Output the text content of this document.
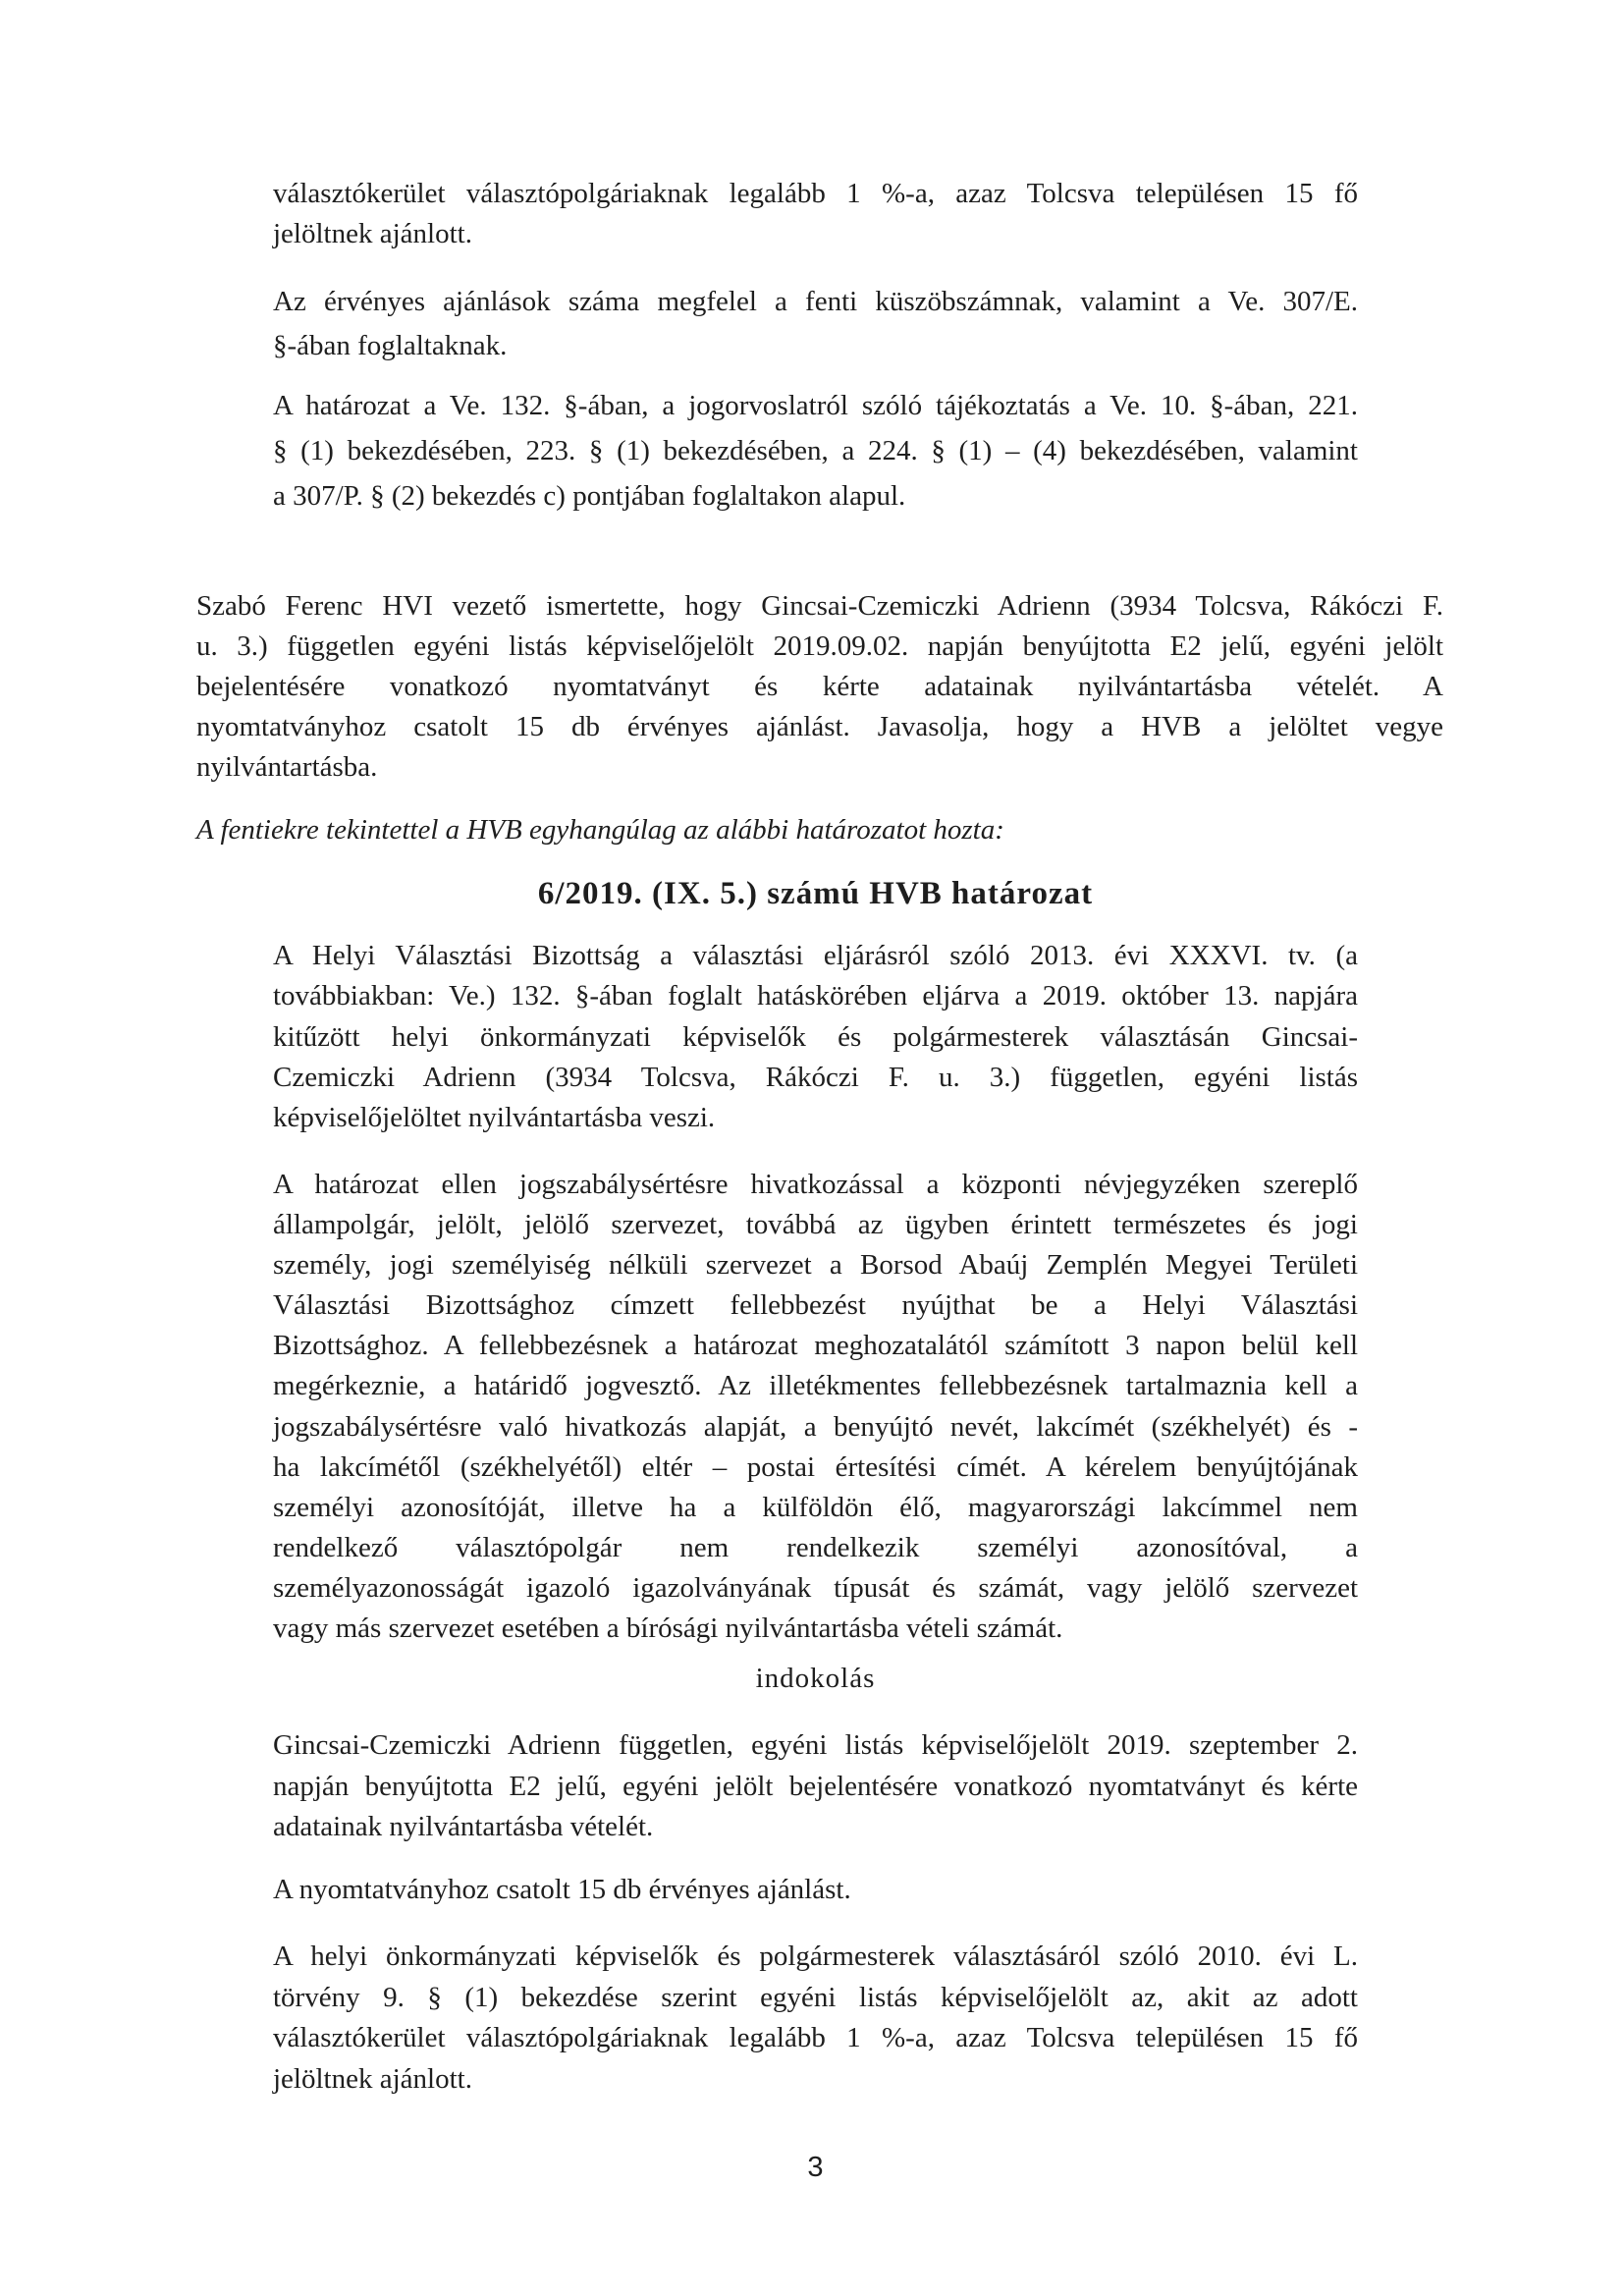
választókerület választópolgáriaknak legalább 1 %-a, azaz Tolcsva településen 15 fő
jelöltnek ajánlott.
Az érvényes ajánlások száma megfelel a fenti küszöbszámnak, valamint a Ve. 307/E.
§-ában foglaltaknak.
A határozat a Ve. 132. §-ában, a jogorvoslatról szóló tájékoztatás a Ve. 10. §-ában, 221.
§ (1) bekezdésében, 223. § (1) bekezdésében, a 224. § (1) – (4) bekezdésében, valamint
a 307/P. § (2) bekezdés c) pontjában foglaltakon alapul.
Szabó Ferenc HVI vezető ismertette, hogy Gincsai-Czemiczki Adrienn (3934 Tolcsva, Rákóczi F.
u. 3.) független egyéni listás képviselőjelölt 2019.09.02. napján benyújtotta E2 jelű, egyéni jelölt
bejelentésére vonatkozó nyomtatványt és kérte adatainak nyilvántartásba vételét. A
nyomtatványhoz csatolt 15 db érvényes ajánlást. Javasolja, hogy a HVB a jelöltet vegye
nyilvántartásba.
A fentiekre tekintettel a HVB egyhangúlag az alábbi határozatot hozta:
6/2019. (IX. 5.) számú HVB határozat
A Helyi Választási Bizottság a választási eljárásról szóló 2013. évi XXXVI. tv. (a
továbbiakban: Ve.) 132. §-ában foglalt hatáskörében eljárva a 2019. október 13. napjára
kitűzött helyi önkormányzati képviselők és polgármesterek választásán Gincsai-
Czemiczki Adrienn (3934 Tolcsva, Rákóczi F. u. 3.) független, egyéni listás
képviselőjelöltet nyilvántartásba veszi.
A határozat ellen jogszabálysértésre hivatkozással a központi névjegyzéken szereplő
állampolgár, jelölt, jelölő szervezet, továbbá az ügyben érintett természetes és jogi
személy, jogi személyiség nélküli szervezet a Borsod Abaúj Zemplén Megyei Területi
Választási Bizottsághoz címzett fellebbezést nyújthat be a Helyi Választási
Bizottsághoz. A fellebbezésnek a határozat meghozatalától számított 3 napon belül kell
megérkeznie, a határidő jogvesztő. Az illetékmentes fellebbezésnek tartalmaznia kell a
jogszabálysértésre való hivatkozás alapját, a benyújtó nevét, lakcímét (székhelyét) és -
ha lakcímétől (székhelyétől) eltér – postai értesítési címét. A kérelem benyújtójának
személyi azonosítóját, illetve ha a külföldön élő, magyarországi lakcímmel nem
rendelkező választópolgár nem rendelkezik személyi azonosítóval, a
személyazonosságát igazoló igazolványának típusát és számát, vagy jelölő szervezet
vagy más szervezet esetében a bírósági nyilvántartásba vételi számát.
indokolás
Gincsai-Czemiczki Adrienn független, egyéni listás képviselőjelölt 2019. szeptember 2.
napján benyújtotta E2 jelű, egyéni jelölt bejelentésére vonatkozó nyomtatványt és kérte
adatainak nyilvántartásba vételét.
A nyomtatványhoz csatolt 15 db érvényes ajánlást.
A helyi önkormányzati képviselők és polgármesterek választásáról szóló 2010. évi L.
törvény 9. § (1) bekezdése szerint egyéni listás képviselőjelölt az, akit az adott
választókerület választópolgáriaknak legalább 1 %-a, azaz Tolcsva településen 15 fő
jelöltnek ajánlott.
3
